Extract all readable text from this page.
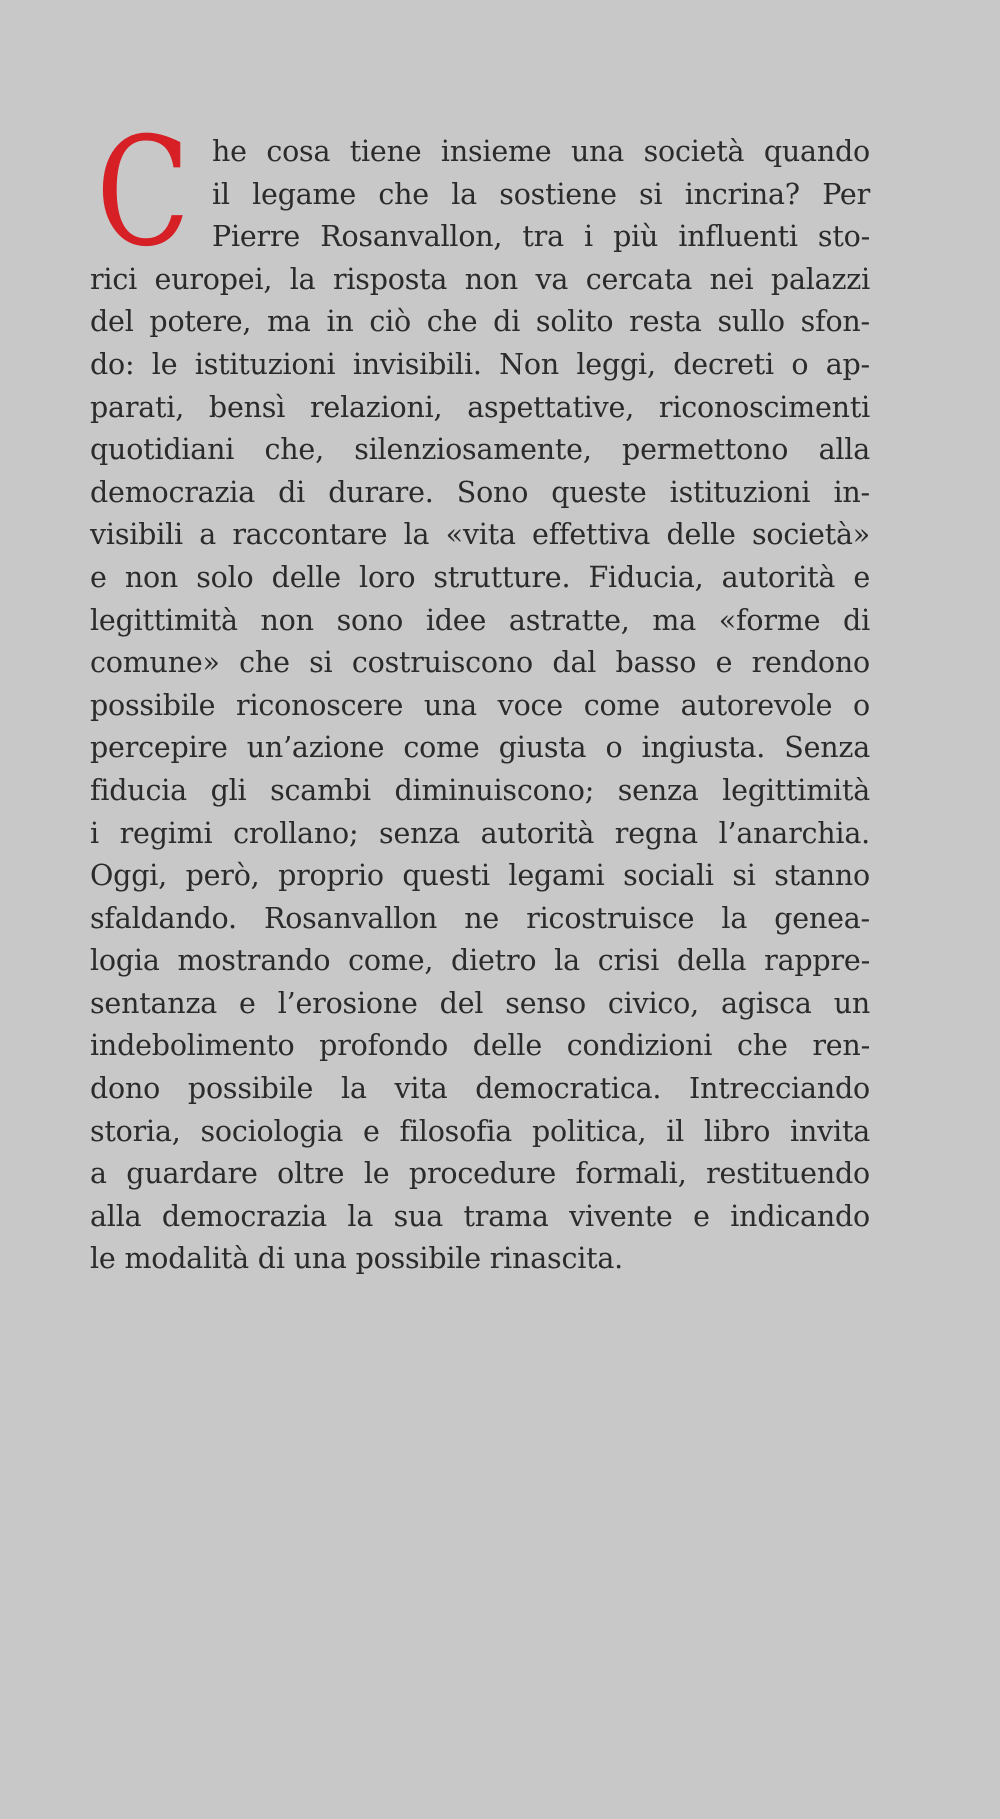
C he cosa tiene insieme una società quando
il legame che la sostiene si incrina? Per
Pierre Rosanvallon, tra i più influenti sto-
rici europei, la risposta non va cercata nei palazzi
del potere, ma in ciò che di solito resta sullo sfon-
do: le istituzioni invisibili. Non leggi, decreti o ap-
parati, bensì relazioni, aspettative, riconoscimenti
quotidiani che, silenziosamente, permettono alla
democrazia di durare. Sono queste istituzioni in-
visibili a raccontare la «vita effettiva delle società»
e non solo delle loro strutture. Fiducia, autorità e
legittimità non sono idee astratte, ma «forme di
comune» che si costruiscono dal basso e rendono
possibile riconoscere una voce come autorevole o
percepire un’azione come giusta o ingiusta. Senza
fiducia gli scambi diminuiscono; senza legittimità
i regimi crollano; senza autorità regna l’anarchia.
Oggi, però, proprio questi legami sociali si stanno
sfaldando. Rosanvallon ne ricostruisce la genea-
logia mostrando come, dietro la crisi della rappre-
sentanza e l’erosione del senso civico, agisca un
indebolimento profondo delle condizioni che ren-
dono possibile la vita democratica. Intrecciando
storia, sociologia e filosofia politica, il libro invita
a guardare oltre le procedure formali, restituendo
alla democrazia la sua trama vivente e indicando
le modalità di una possibile rinascita.
